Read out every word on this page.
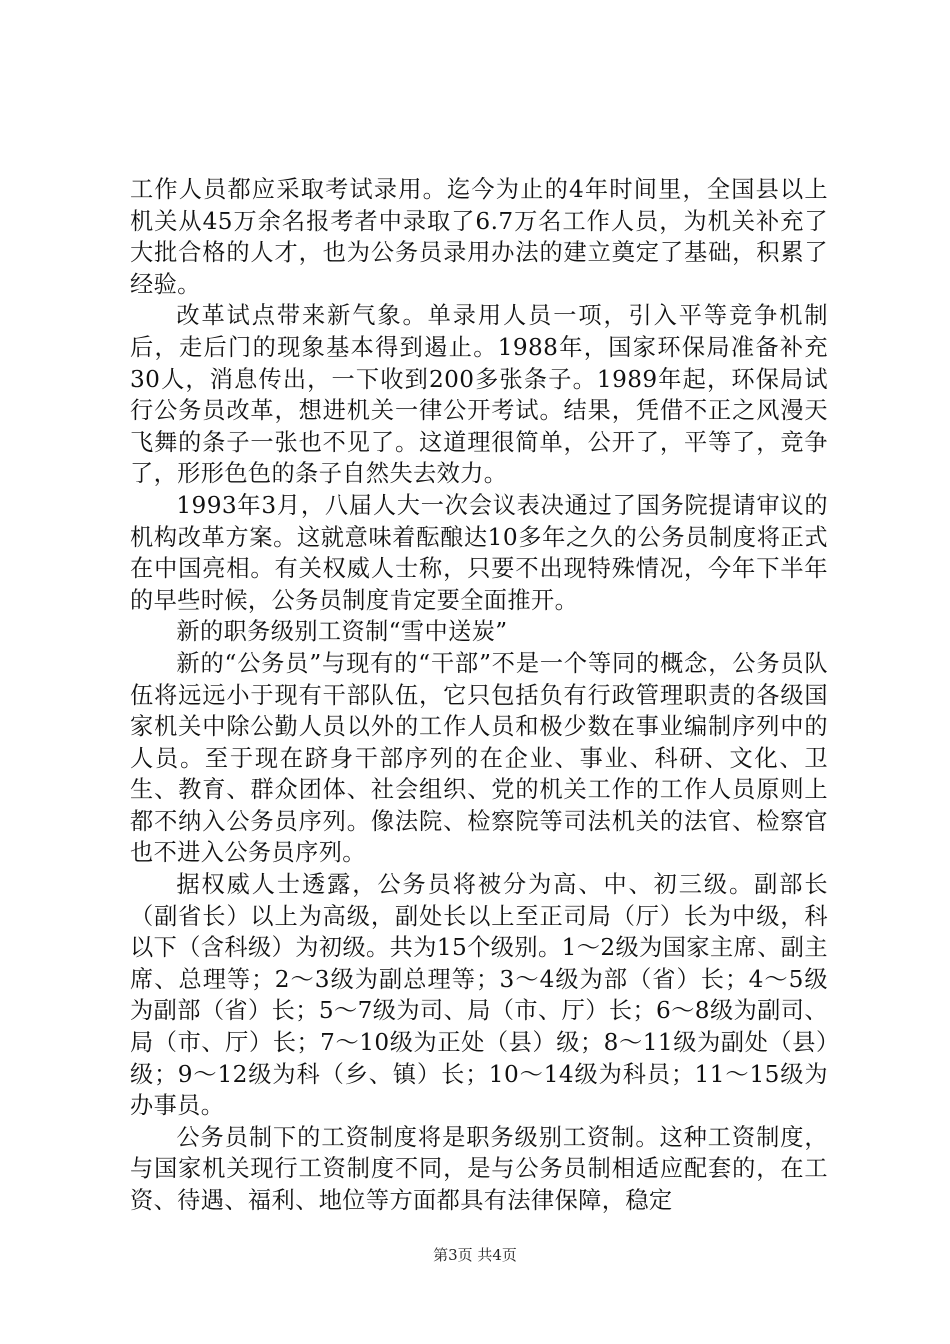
工作人员都应采取考试录用。迄今为止的4年时间里，全国县以上机关从45万余名报考者中录取了6.7万名工作人员，为机关补充了大批合格的人才，也为公务员录用办法的建立奠定了基础，积累了经验。

改革试点带来新气象。单录用人员一项，引入平等竞争机制后，走后门的现象基本得到遏止。1988年，国家环保局准备补充30人，消息传出，一下收到200多张条子。1989年起，环保局试行公务员改革，想进机关一律公开考试。结果，凭借不正之风漫天飞舞的条子一张也不见了。这道理很简单，公开了，平等了，竞争了，形形色色的条子自然失去效力。

1993年3月，八届人大一次会议表决通过了国务院提请审议的机构改革方案。这就意味着酝酿达10多年之久的公务员制度将正式在中国亮相。有关权威人士称，只要不出现特殊情况，今年下半年的早些时候，公务员制度肯定要全面推开。

新的职务级别工资制“雪中送炭”

新的“公务员”与现有的“干部”不是一个等同的概念，公务员队伍将远远小于现有干部队伍，它只包括负有行政管理职责的各级国家机关中除公勤人员以外的工作人员和极少数在事业编制序列中的人员。至于现在跻身干部序列的在企业、事业、科研、文化、卫生、教育、群众团体、社会组织、党的机关工作的工作人员原则上都不纳入公务员序列。像法院、检察院等司法机关的法官、检察官也不进入公务员序列。

据权威人士透露，公务员将被分为高、中、初三级。副部长（副省长）以上为高级，副处长以上至正司局（厅）长为中级，科以下（含科级）为初级。共为15个级别。1～2级为国家主席、副主席、总理等；2～3级为副总理等；3～4级为部（省）长；4～5级为副部（省）长；5～7级为司、局（市、厅）长；6～8级为副司、局（市、厅）长；7～10级为正处（县）级；8～11级为副处（县）级；9～12级为科（乡、镇）长；10～14级为科员；11～15级为办事员。

公务员制下的工资制度将是职务级别工资制。这种工资制度，与国家机关现行工资制度不同，是与公务员制相适应配套的，在工资、待遇、福利、地位等方面都具有法律保障，稳定

第3页 共4页
